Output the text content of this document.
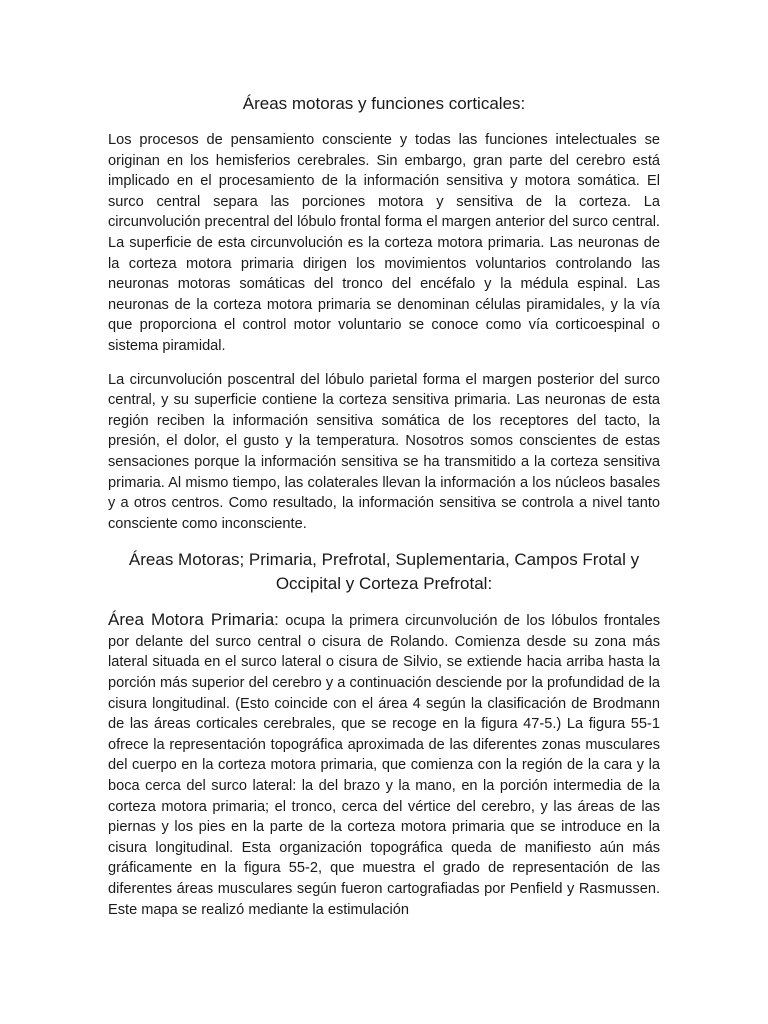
Áreas motoras y funciones corticales:

Los procesos de pensamiento consciente y todas las funciones intelectuales se originan en los hemisferios cerebrales. Sin embargo, gran parte del cerebro está implicado en el procesamiento de la información sensitiva y motora somática. El surco central separa las porciones motora y sensitiva de la corteza. La circunvolución precentral del lóbulo frontal forma el margen anterior del surco central. La superficie de esta circunvolución es la corteza motora primaria. Las neuronas de la corteza motora primaria dirigen los movimientos voluntarios controlando las neuronas motoras somáticas del tronco del encéfalo y la médula espinal. Las neuronas de la corteza motora primaria se denominan células piramidales, y la vía que proporciona el control motor voluntario se conoce como vía corticoespinal o sistema piramidal.

La circunvolución poscentral del lóbulo parietal forma el margen posterior del surco central, y su superficie contiene la corteza sensitiva primaria. Las neuronas de esta región reciben la información sensitiva somática de los receptores del tacto, la presión, el dolor, el gusto y la temperatura. Nosotros somos conscientes de estas sensaciones porque la información sensitiva se ha transmitido a la corteza sensitiva primaria. Al mismo tiempo, las colaterales llevan la información a los núcleos basales y a otros centros. Como resultado, la información sensitiva se controla a nivel tanto consciente como inconsciente.

Áreas Motoras; Primaria, Prefrotal, Suplementaria, Campos Frotal y
Occipital y Corteza Prefrotal:

Área Motora Primaria: ocupa la primera circunvolución de los lóbulos frontales por delante del surco central o cisura de Rolando. Comienza desde su zona más lateral situada en el surco lateral o cisura de Silvio, se extiende hacia arriba hasta la porción más superior del cerebro y a continuación desciende por la profundidad de la cisura longitudinal. (Esto coincide con el área 4 según la clasificación de Brodmann de las áreas corticales cerebrales, que se recoge en la figura 47-5.) La figura 55-1 ofrece la representación topográfica aproximada de las diferentes zonas musculares del cuerpo en la corteza motora primaria, que comienza con la región de la cara y la boca cerca del surco lateral: la del brazo y la mano, en la porción intermedia de la corteza motora primaria; el tronco, cerca del vértice del cerebro, y las áreas de las piernas y los pies en la parte de la corteza motora primaria que se introduce en la cisura longitudinal. Esta organización topográfica queda de manifiesto aún más gráficamente en la figura 55-2, que muestra el grado de representación de las diferentes áreas musculares según fueron cartografiadas por Penfield y Rasmussen. Este mapa se realizó mediante la estimulación
